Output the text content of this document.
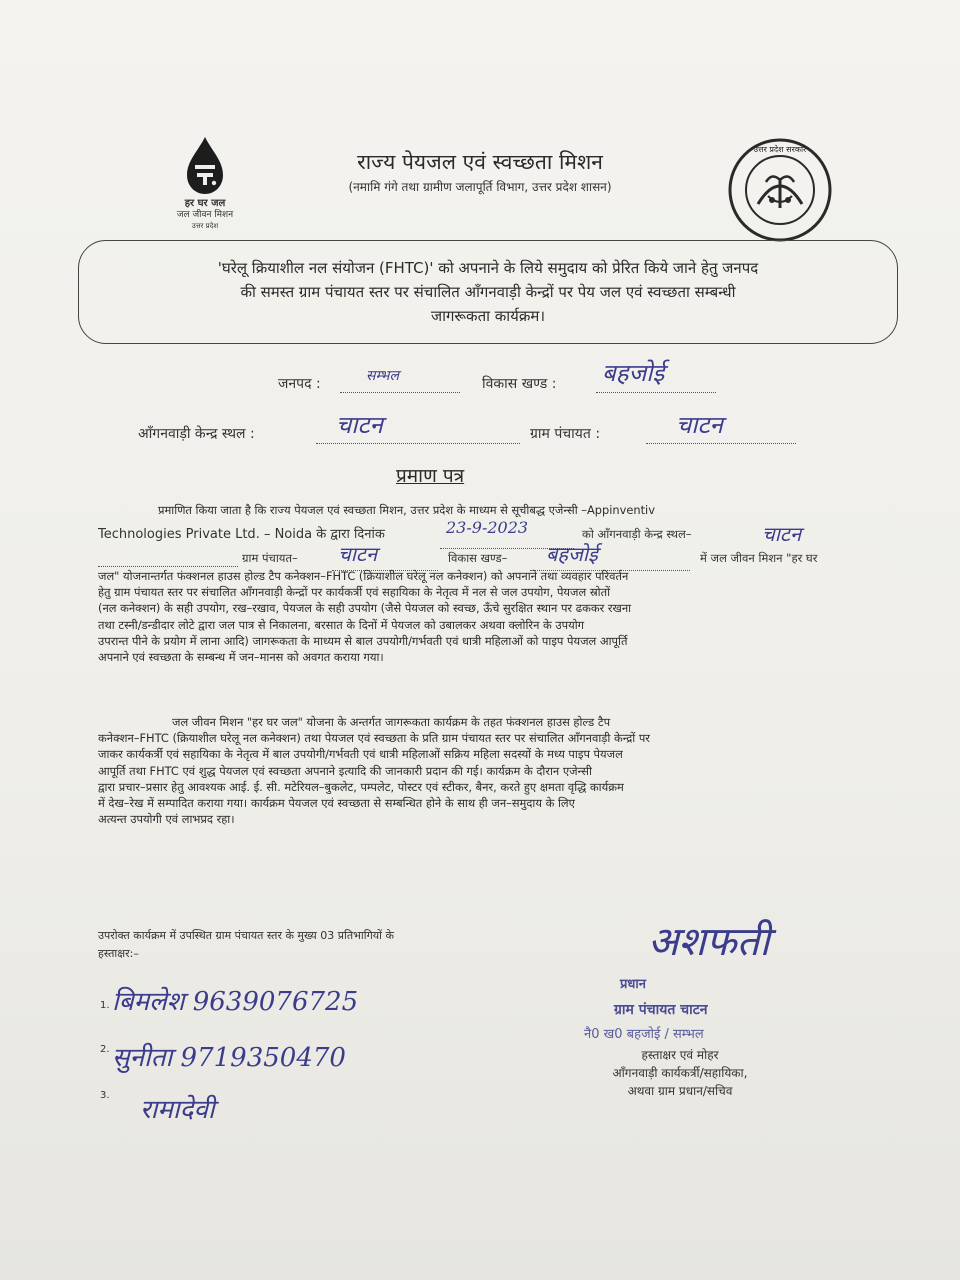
हर घर जल
जल जीवन मिशन
उत्तर प्रदेश
राज्य पेयजल एवं स्वच्छता मिशन
(नमामि गंगे तथा ग्रामीण जलापूर्ति विभाग, उत्तर प्रदेश शासन)
उत्तर प्रदेश सरकार
'घरेलू क्रियाशील नल संयोजन (FHTC)' को अपनाने के लिये समुदाय को प्रेरित किये जाने हेतु जनपद
की समस्त ग्राम पंचायत स्तर पर संचालित ऑंगनवाड़ी केन्द्रों पर पेय जल एवं स्वच्छता सम्बन्धी
जागरूकता कार्यक्रम।
जनपद :	सम्भल	विकास खण्ड : बहजोई
ऑंगनवाड़ी केन्द्र स्थल :	चाटन	ग्राम पंचायत :	चाटन
प्रमाण पत्र
प्रमाणित किया जाता है कि राज्य पेयजल एवं स्वच्छता मिशन, उत्तर प्रदेश के माध्यम से सूचीबद्ध एजेन्सी –Appinventiv
Technologies Private Ltd. – Noida के द्वारा दिनांक	23-9-2023	को ऑंगनवाड़ी केन्द्र स्थल–	चाटन
ग्राम पंचायत– चाटन	विकास खण्ड– बहजोई	में जल जीवन मिशन "हर घर
जल" योजनान्तर्गत फंक्शनल हाउस होल्ड टैप कनेक्शन–FHTC (क्रियाशील घरेलू नल कनेक्शन) को अपनाने तथा व्यवहार परिवर्तन
हेतु ग्राम पंचायत स्तर पर संचालित ऑंगनवाड़ी केन्द्रों पर कार्यकर्त्री एवं सहायिका के नेतृत्व में नल से जल उपयोग, पेयजल स्रोतों
(नल कनेक्शन) के सही उपयोग, रख–रखाव, पेयजल के सही उपयोग (जैसे पेयजल को स्वच्छ, ऊँचे सुरक्षित स्थान पर ढककर रखना
तथा टस्नी/डन्डीदार लोटे द्वारा जल पात्र से निकालना, बरसात के दिनों में पेयजल को उबालकर अथवा क्लोरिन के उपयोग
उपरान्त पीने के प्रयोग में लाना आदि) जागरूकता के माध्यम से बाल उपयोगी/गर्भवती एवं धात्री महिलाओं को पाइप पेयजल आपूर्ति
अपनाने एवं स्वच्छता के सम्बन्ध में जन–मानस को अवगत कराया गया।
जल जीवन मिशन "हर घर जल" योजना के अन्तर्गत जागरूकता कार्यक्रम के तहत फंक्शनल हाउस होल्ड टैप
कनेक्शन–FHTC (क्रियाशील घरेलू नल कनेक्शन) तथा पेयजल एवं स्वच्छता के प्रति ग्राम पंचायत स्तर पर संचालित ऑंगनवाड़ी केन्द्रों पर
जाकर कार्यकर्त्री एवं सहायिका के नेतृत्व में बाल उपयोगी/गर्भवती एवं धात्री महिलाओं सक्रिय महिला सदस्यों के मध्य पाइप पेयजल
आपूर्ति तथा FHTC एवं शुद्ध पेयजल एवं स्वच्छता अपनाने इत्यादि की जानकारी प्रदान की गई। कार्यक्रम के दौरान एजेन्सी
द्वारा प्रचार–प्रसार हेतु आवश्यक आई. ई. सी. मटेरियल–बुकलेट, पम्पलेट, पोस्टर एवं स्टीकर, बैनर, करते हुए क्षमता वृद्धि कार्यक्रम
में देख–रेख में सम्पादित कराया गया। कार्यक्रम पेयजल एवं स्वच्छता से सम्बन्धित होने के साथ ही जन–समुदाय के लिए
अत्यन्त उपयोगी एवं लाभप्रद रहा।
उपरोक्त कार्यक्रम में उपस्थित ग्राम पंचायत स्तर के मुख्य 03 प्रतिभागियों के
हस्ताक्षर:–
1. बिमलेश 9639076725
2. सुनीता 9719350470
3. रामादेवी
अशफती
प्रधान
ग्राम पंचायत चाटन
नै0 ख0 बहजोई / सम्भल
हस्ताक्षर एवं मोहर
ऑंगनवाड़ी कार्यकर्त्री/सहायिका,
अथवा ग्राम प्रधान/सचिव
